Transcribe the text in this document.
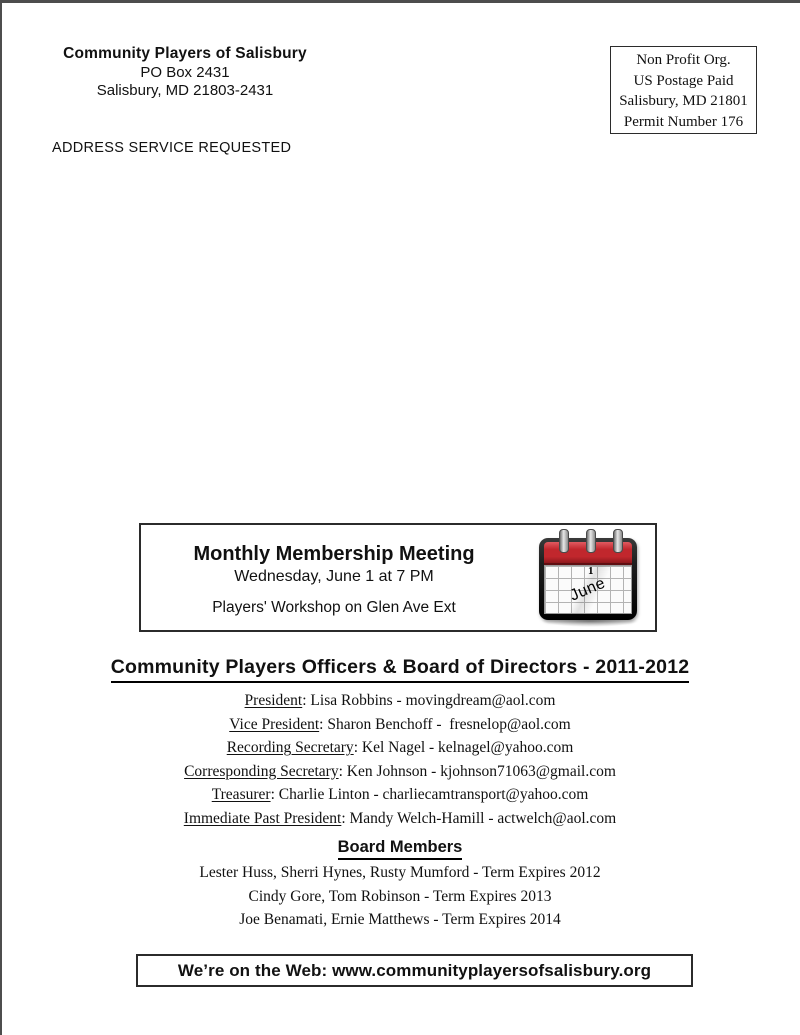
Community Players of Salisbury
PO Box 2431
Salisbury, MD 21803-2431
ADDRESS SERVICE REQUESTED
Non Profit Org.
US Postage Paid
Salisbury, MD 21801
Permit Number 176
Monthly Membership Meeting
Wednesday, June 1 at 7 PM
Players' Workshop on Glen Ave Ext
1
June
Community Players Officers & Board of Directors - 2011-2012
President: Lisa Robbins - movingdream@aol.com
Vice President: Sharon Benchoff -  fresnelop@aol.com
Recording Secretary: Kel Nagel - kelnagel@yahoo.com
Corresponding Secretary: Ken Johnson - kjohnson71063@gmail.com
Treasurer: Charlie Linton - charliecamtransport@yahoo.com
Immediate Past President: Mandy Welch-Hamill - actwelch@aol.com
Board Members
Lester Huss, Sherri Hynes, Rusty Mumford - Term Expires 2012
Cindy Gore, Tom Robinson - Term Expires 2013
Joe Benamati, Ernie Matthews - Term Expires 2014
We’re on the Web: www.communityplayersofsalisbury.org
